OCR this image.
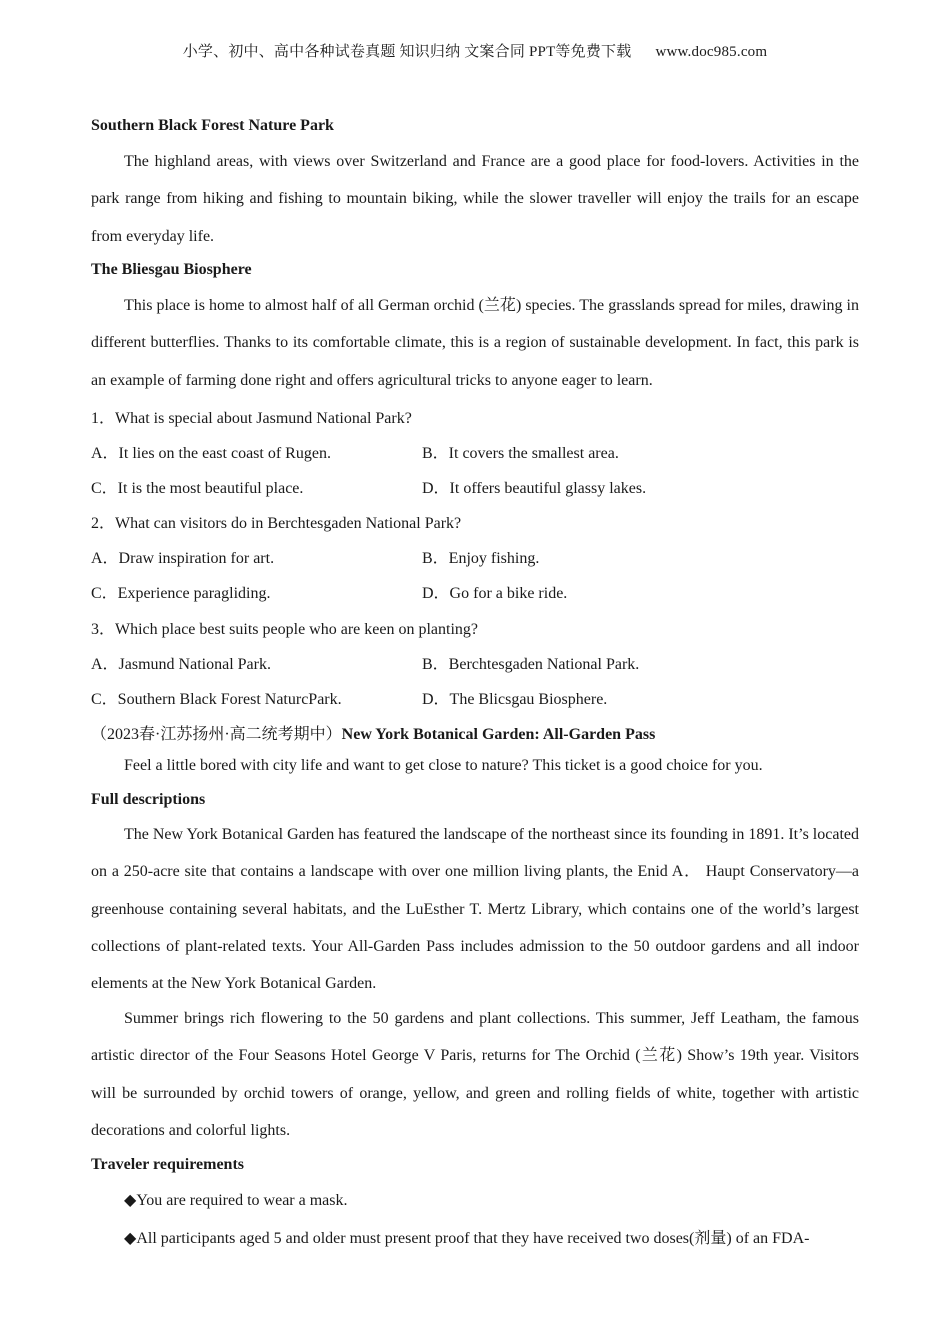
小学、初中、高中各种试卷真题 知识归纳 文案合同 PPT等免费下载 www.doc985.com
Southern Black Forest Nature Park

The highland areas, with views over Switzerland and France are a good place for food-lovers. Activities in the park range from hiking and fishing to mountain biking, while the slower traveller will enjoy the trails for an escape from everyday life.

The Bliesgau Biosphere

This place is home to almost half of all German orchid (兰花) species. The grasslands spread for miles, drawing in different butterflies. Thanks to its comfortable climate, this is a region of sustainable development. In fact, this park is an example of farming done right and offers agricultural tricks to anyone eager to learn.

1．What is special about Jasmund National Park?
A．It lies on the east coast of Rugen.	B．It covers the smallest area.
C．It is the most beautiful place.	D．It offers beautiful glassy lakes.
2．What can visitors do in Berchtesgaden National Park?
A．Draw inspiration for art.	B．Enjoy fishing.
C．Experience paragliding.	D．Go for a bike ride.
3．Which place best suits people who are keen on planting?
A．Jasmund National Park.	B．Berchtesgaden National Park.
C．Southern Black Forest NaturcPark.	D．The Blicsgau Biosphere.
（2023春·江苏扬州·高二统考期中）New York Botanical Garden: All-Garden Pass
Feel a little bored with city life and want to get close to nature? This ticket is a good choice for you.
Full descriptions

The New York Botanical Garden has featured the landscape of the northeast since its founding in 1891. It’s located on a 250-acre site that contains a landscape with over one million living plants, the Enid A． Haupt Conservatory—a greenhouse containing several habitats, and the LuEsther T. Mertz Library, which contains one of the world’s largest collections of plant-related texts. Your All-Garden Pass includes admission to the 50 outdoor gardens and all indoor elements at the New York Botanical Garden.

Summer brings rich flowering to the 50 gardens and plant collections. This summer, Jeff Leatham, the famous artistic director of the Four Seasons Hotel George V Paris, returns for The Orchid (兰花) Show’s 19th year. Visitors will be surrounded by orchid towers of orange, yellow, and green and rolling fields of white, together with artistic decorations and colorful lights.

Traveler requirements
◆You are required to wear a mask.
◆All participants aged 5 and older must present proof that they have received two doses(剂量) of an FDA-
